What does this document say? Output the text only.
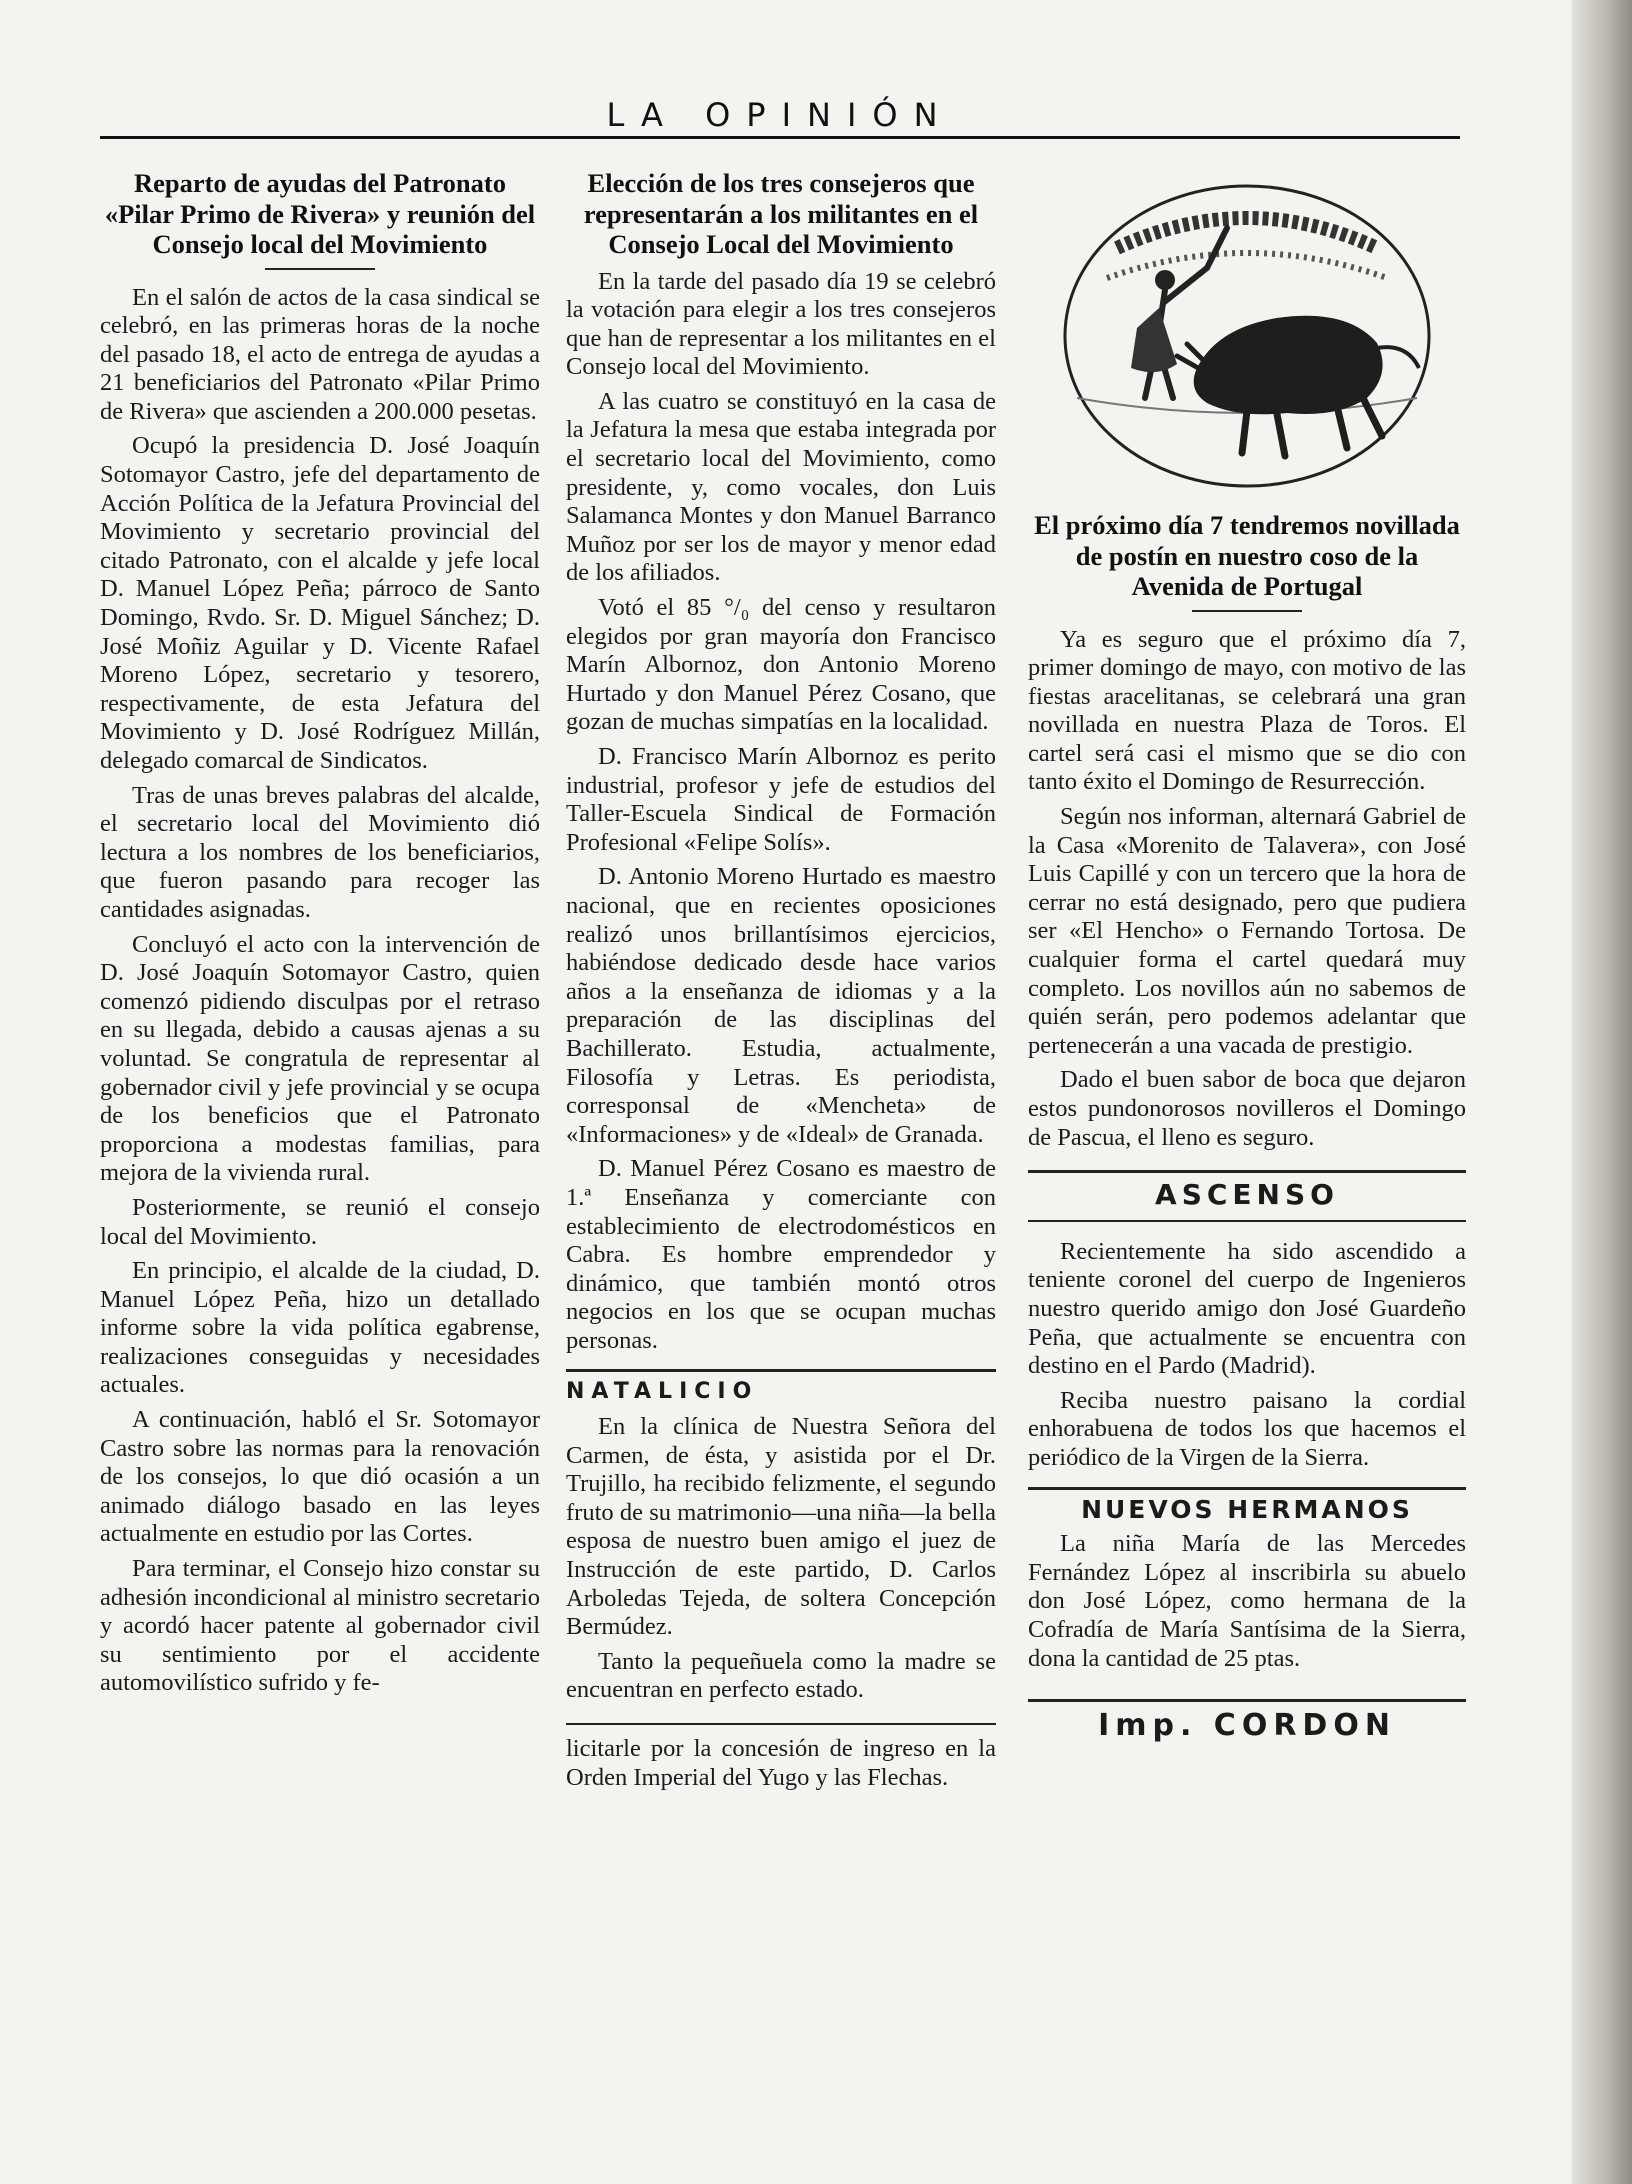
LA OPINIÓN
Reparto de ayudas del Patronato «Pilar Primo de Rivera» y reunión del Consejo local del Movimiento

En el salón de actos de la casa sindical se celebró, en las primeras horas de la noche del pasado 18, el acto de entrega de ayudas a 21 beneficiarios del Patronato «Pilar Primo de Rivera» que ascienden a 200.000 pesetas.

Ocupó la presidencia D. José Joaquín Sotomayor Castro, jefe del departamento de Acción Política de la Jefatura Provincial del Movimiento y secretario provincial del citado Patronato, con el alcalde y jefe local D. Manuel López Peña; párroco de Santo Domingo, Rvdo. Sr. D. Miguel Sánchez; D. José Moñiz Aguilar y D. Vicente Rafael Moreno López, secretario y tesorero, respectivamente, de esta Jefatura del Movimiento y D. José Rodríguez Millán, delegado comarcal de Sindicatos.

Tras de unas breves palabras del alcalde, el secretario local del Movimiento dió lectura a los nombres de los beneficiarios, que fueron pasando para recoger las cantidades asignadas.

Concluyó el acto con la intervención de D. José Joaquín Sotomayor Castro, quien comenzó pidiendo disculpas por el retraso en su llegada, debido a causas ajenas a su voluntad. Se congratula de representar al gobernador civil y jefe provincial y se ocupa de los beneficios que el Patronato proporciona a modestas familias, para mejora de la vivienda rural.

Posteriormente, se reunió el consejo local del Movimiento.

En principio, el alcalde de la ciudad, D. Manuel López Peña, hizo un detallado informe sobre la vida política egabrense, realizaciones conseguidas y necesidades actuales.

A continuación, habló el Sr. Sotomayor Castro sobre las normas para la renovación de los consejos, lo que dió ocasión a un animado diálogo basado en las leyes actualmente en estudio por las Cortes.

Para terminar, el Consejo hizo constar su adhesión incondicional al ministro secretario y acordó hacer patente al gobernador civil su sentimiento por el accidente automovilístico sufrido y fe-

Elección de los tres consejeros que representarán a los militantes en el Consejo Local del Movimiento

En la tarde del pasado día 19 se celebró la votación para elegir a los tres consejeros que han de representar a los militantes en el Consejo local del Movimiento.

A las cuatro se constituyó en la casa de la Jefatura la mesa que estaba integrada por el secretario local del Movimiento, como presidente, y, como vocales, don Luis Salamanca Montes y don Manuel Barranco Muñoz por ser los de mayor y menor edad de los afiliados.

Votó el 85 °/₀ del censo y resultaron elegidos por gran mayoría don Francisco Marín Albornoz, don Antonio Moreno Hurtado y don Manuel Pérez Cosano, que gozan de muchas simpatías en la localidad.

D. Francisco Marín Albornoz es perito industrial, profesor y jefe de estudios del Taller-Escuela Sindical de Formación Profesional «Felipe Solís».

D. Antonio Moreno Hurtado es maestro nacional, que en recientes oposiciones realizó unos brillantísimos ejercicios, habiéndose dedicado desde hace varios años a la enseñanza de idiomas y a la preparación de las disciplinas del Bachillerato. Estudia, actualmente, Filosofía y Letras. Es periodista, corresponsal de «Mencheta» de «Informaciones» y de «Ideal» de Granada.

D. Manuel Pérez Cosano es maestro de 1.ª Enseñanza y comerciante con establecimiento de electrodomésticos en Cabra. Es hombre emprendedor y dinámico, que también montó otros negocios en los que se ocupan muchas personas.

NATALICIO

En la clínica de Nuestra Señora del Carmen, de ésta, y asistida por el Dr. Trujillo, ha recibido felizmente, el segundo fruto de su matrimonio—una niña—la bella esposa de nuestro buen amigo el juez de Instrucción de este partido, D. Carlos Arboledas Tejeda, de soltera Concepción Bermúdez.

Tanto la pequeñuela como la madre se encuentran en perfecto estado.

licitarle por la concesión de ingreso en la Orden Imperial del Yugo y las Flechas.

El próximo día 7 tendremos novillada de postín en nuestro coso de la Avenida de Portugal

Ya es seguro que el próximo día 7, primer domingo de mayo, con motivo de las fiestas aracelitanas, se celebrará una gran novillada en nuestra Plaza de Toros. El cartel será casi el mismo que se dio con tanto éxito el Domingo de Resurrección.

Según nos informan, alternará Gabriel de la Casa «Morenito de Talavera», con José Luis Capillé y con un tercero que la hora de cerrar no está designado, pero que pudiera ser «El Hencho» o Fernando Tortosa. De cualquier forma el cartel quedará muy completo. Los novillos aún no sabemos de quién serán, pero podemos adelantar que pertenecerán a una vacada de prestigio.

Dado el buen sabor de boca que dejaron estos pundonorosos novilleros el Domingo de Pascua, el lleno es seguro.

ASCENSO

Recientemente ha sido ascendido a teniente coronel del cuerpo de Ingenieros nuestro querido amigo don José Guardeño Peña, que actualmente se encuentra con destino en el Pardo (Madrid).

Reciba nuestro paisano la cordial enhorabuena de todos los que hacemos el periódico de la Virgen de la Sierra.

NUEVOS HERMANOS

La niña María de las Mercedes Fernández López al inscribirla su abuelo don José López, como hermana de la Cofradía de María Santísima de la Sierra, dona la cantidad de 25 ptas.

Imp. CORDON
